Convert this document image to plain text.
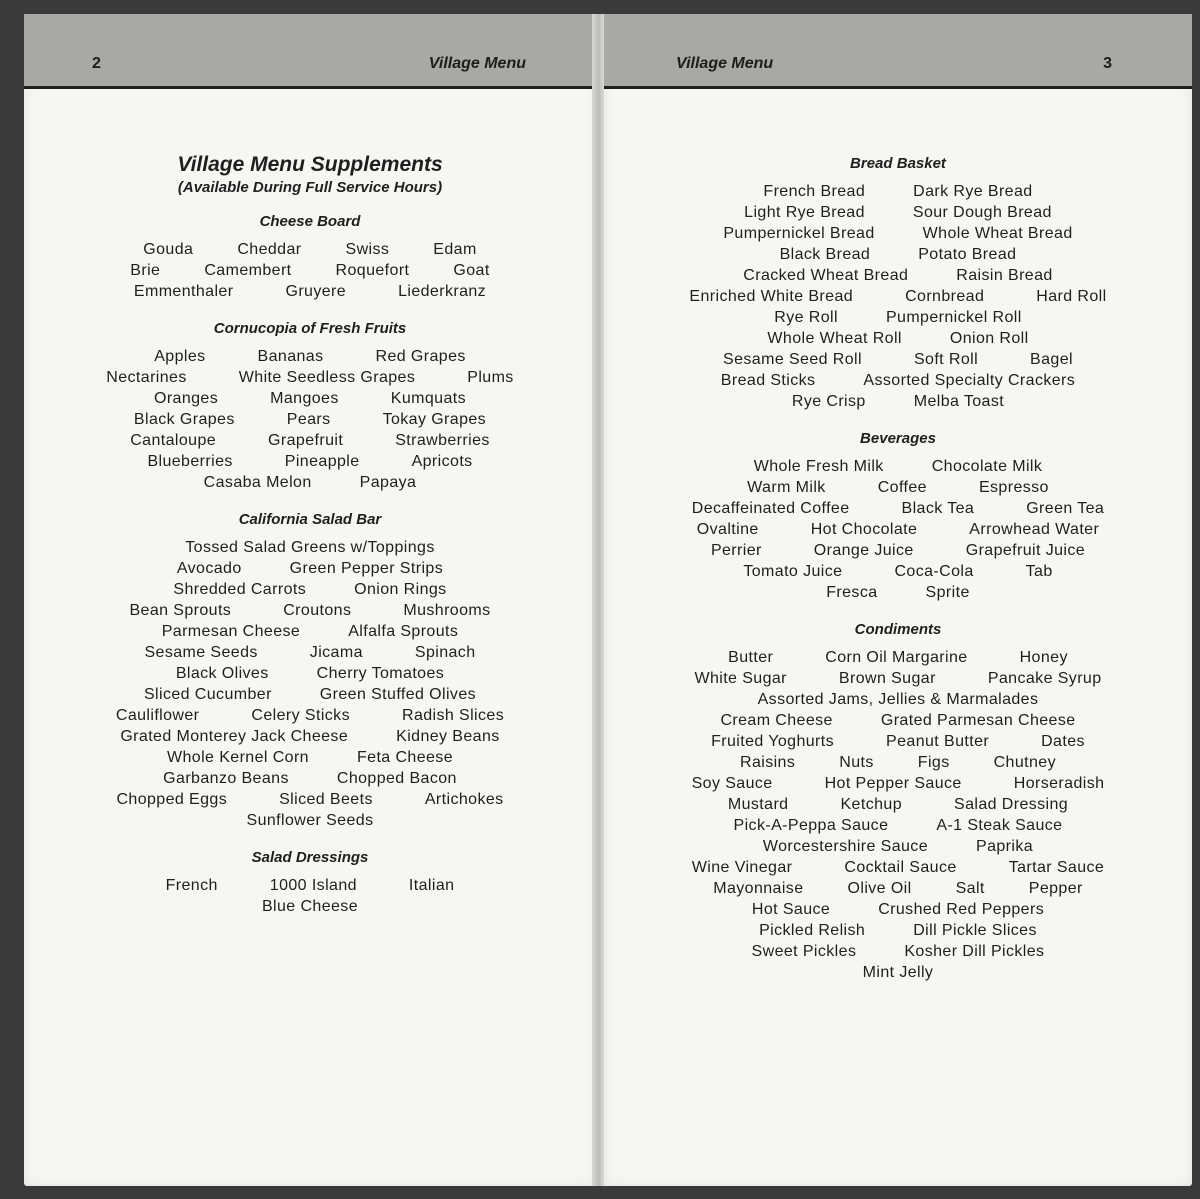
2	Village Menu
Village Menu Supplements

(Available During Full Service Hours)

Cheese Board
Gouda	Cheddar	Swiss	Edam
Brie	Camembert	Roquefort	Goat
Emmenthaler	Gruyere	Liederkranz
Cornucopia of Fresh Fruits
Apples	Bananas	Red Grapes
Nectarines	White Seedless Grapes	Plums
Oranges	Mangoes	Kumquats
Black Grapes	Pears	Tokay Grapes
Cantaloupe	Grapefruit	Strawberries
Blueberries	Pineapple	Apricots
Casaba Melon	Papaya
California Salad Bar
Tossed Salad Greens w/Toppings
Avocado	Green Pepper Strips
Shredded Carrots	Onion Rings
Bean Sprouts	Croutons	Mushrooms
Parmesan Cheese	Alfalfa Sprouts
Sesame Seeds	Jicama	Spinach
Black Olives	Cherry Tomatoes
Sliced Cucumber	Green Stuffed Olives
Cauliflower	Celery Sticks	Radish Slices
Grated Monterey Jack Cheese	Kidney Beans
Whole Kernel Corn	Feta Cheese
Garbanzo Beans	Chopped Bacon
Chopped Eggs	Sliced Beets	Artichokes
Sunflower Seeds
Salad Dressings
French	1000 Island	Italian
Blue Cheese
Village Menu	3
Bread Basket
French Bread	Dark Rye Bread
Light Rye Bread	Sour Dough Bread
Pumpernickel Bread	Whole Wheat Bread
Black Bread	Potato Bread
Cracked Wheat Bread	Raisin Bread
Enriched White Bread	Cornbread	Hard Roll
Rye Roll	Pumpernickel Roll
Whole Wheat Roll	Onion Roll
Sesame Seed Roll	Soft Roll	Bagel
Bread Sticks	Assorted Specialty Crackers
Rye Crisp	Melba Toast
Beverages
Whole Fresh Milk	Chocolate Milk
Warm Milk	Coffee	Espresso
Decaffeinated Coffee	Black Tea	Green Tea
Ovaltine	Hot Chocolate	Arrowhead Water
Perrier	Orange Juice	Grapefruit Juice
Tomato Juice	Coca-Cola	Tab
Fresca	Sprite
Condiments
Butter	Corn Oil Margarine	Honey
White Sugar	Brown Sugar	Pancake Syrup
Assorted Jams, Jellies & Marmalades
Cream Cheese	Grated Parmesan Cheese
Fruited Yoghurts	Peanut Butter	Dates
Raisins	Nuts	Figs	Chutney
Soy Sauce	Hot Pepper Sauce	Horseradish
Mustard	Ketchup	Salad Dressing
Pick-A-Peppa Sauce	A-1 Steak Sauce
Worcestershire Sauce	Paprika
Wine Vinegar	Cocktail Sauce	Tartar Sauce
Mayonnaise	Olive Oil	Salt	Pepper
Hot Sauce	Crushed Red Peppers
Pickled Relish	Dill Pickle Slices
Sweet Pickles	Kosher Dill Pickles
Mint Jelly
